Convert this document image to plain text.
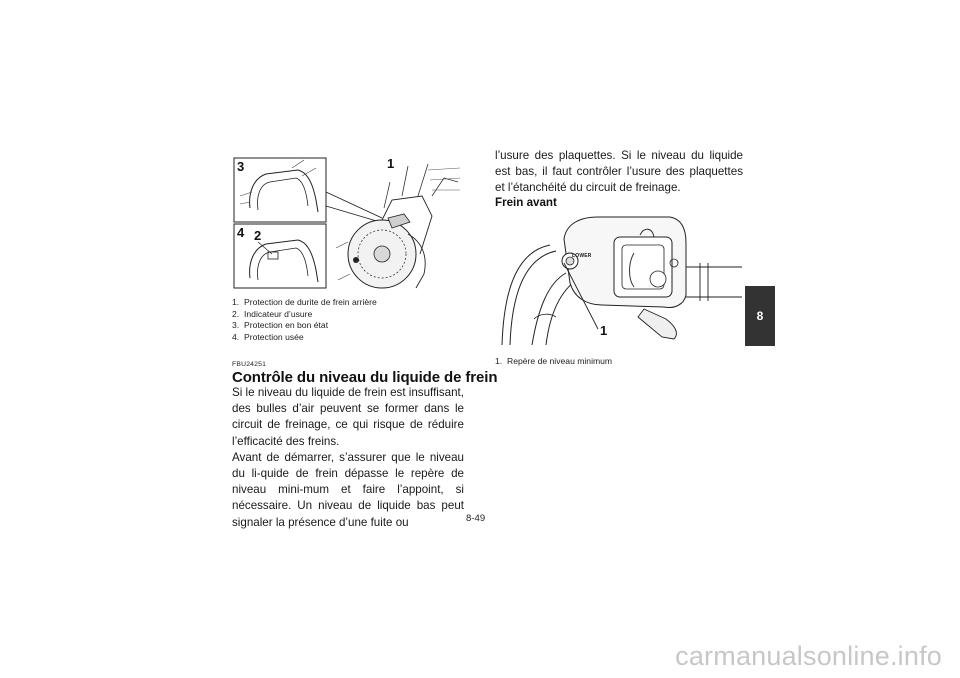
3
4 2
1
1. Protection de durite de frein arrière
2. Indicateur d’usure
3. Protection en bon état
4. Protection usée
FBU24251
Contrôle du niveau du liquide de frein
Si le niveau du liquide de frein est insuffisant, des bulles d’air peuvent se former dans le circuit de freinage, ce qui risque de réduire l’efficacité des freins.
Avant de démarrer, s’assurer que le niveau du li-quide de frein dépasse le repère de niveau mini-mum et faire l’appoint, si nécessaire. Un niveau de liquide bas peut signaler la présence d’une fuite ou
l’usure des plaquettes. Si le niveau du liquide est bas, il faut contrôler l’usure des plaquettes et l’étanchéité du circuit de freinage.
Frein avant
LOWER
1
1. Repère de niveau minimum
8
8-49
carmanualsonline.info
